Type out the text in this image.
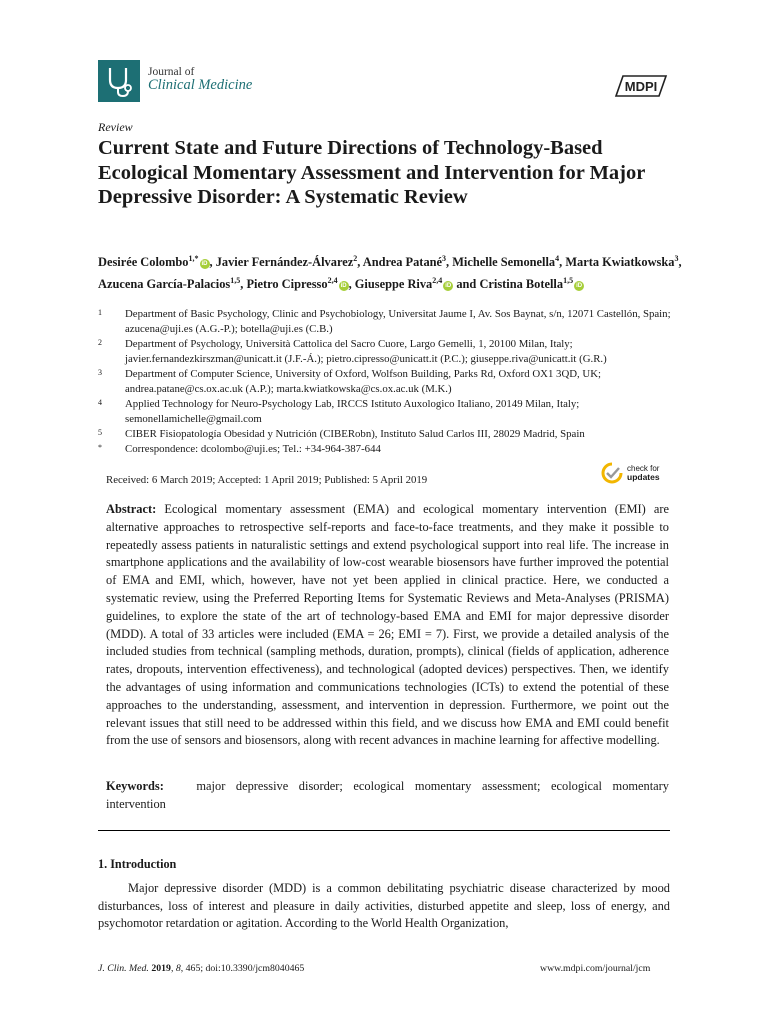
Journal of
Clinical Medicine	MDPI
Review
Current State and Future Directions of Technology-Based Ecological Momentary Assessment and Intervention for Major Depressive Disorder: A Systematic Review
Desirée Colombo$^{1,*}$iD , Javier Fernández-Álvarez$^2$, Andrea Patané$^3$, Michelle Semonella$^4$, Marta Kwiatkowska$^3$, Azucena García-Palacios$^{1,5}$, Pietro Cipresso$^{2,4}$iD , Giuseppe Riva$^{2,4}$iD and Cristina Botella$^{1,5}$iD
1	Department of Basic Psychology, Clinic and Psychobiology, Universitat Jaume I, Av. Sos Baynat, s/n, 12071 Castellón, Spain; azucena@uji.es (A.G.-P.); botella@uji.es (C.B.)
2	Department of Psychology, Università Cattolica del Sacro Cuore, Largo Gemelli, 1, 20100 Milan, Italy; javier.fernandezkirszman@unicatt.it (J.F.-Á.); pietro.cipresso@unicatt.it (P.C.); giuseppe.riva@unicatt.it (G.R.)
3	Department of Computer Science, University of Oxford, Wolfson Building, Parks Rd, Oxford OX1 3QD, UK; andrea.patane@cs.ox.ac.uk (A.P.); marta.kwiatkowska@cs.ox.ac.uk (M.K.)
4	Applied Technology for Neuro-Psychology Lab, IRCCS Istituto Auxologico Italiano, 20149 Milan, Italy; semonellamichelle@gmail.com
5	CIBER Fisiopatología Obesidad y Nutrición (CIBERobn), Instituto Salud Carlos III, 28029 Madrid, Spain
*	Correspondence: dcolombo@uji.es; Tel.: +34-964-387-644
Received: 6 March 2019; Accepted: 1 April 2019; Published: 5 April 2019
check for
updates
Abstract: Ecological momentary assessment (EMA) and ecological momentary intervention (EMI) are alternative approaches to retrospective self-reports and face-to-face treatments, and they make it possible to repeatedly assess patients in naturalistic settings and extend psychological support into real life. The increase in smartphone applications and the availability of low-cost wearable biosensors have further improved the potential of EMA and EMI, which, however, have not yet been applied in clinical practice. Here, we conducted a systematic review, using the Preferred Reporting Items for Systematic Reviews and Meta-Analyses (PRISMA) guidelines, to explore the state of the art of technology-based EMA and EMI for major depressive disorder (MDD). A total of 33 articles were included (EMA = 26; EMI = 7). First, we provide a detailed analysis of the included studies from technical (sampling methods, duration, prompts), clinical (fields of application, adherence rates, dropouts, intervention effectiveness), and technological (adopted devices) perspectives. Then, we identify the advantages of using information and communications technologies (ICTs) to extend the potential of these approaches to the understanding, assessment, and intervention in depression. Furthermore, we point out the relevant issues that still need to be addressed within this field, and we discuss how EMA and EMI could benefit from the use of sensors and biosensors, along with recent advances in machine learning for affective modelling.
Keywords:	major depressive disorder; ecological momentary assessment; ecological momentary intervention
1. Introduction
Major depressive disorder (MDD) is a common debilitating psychiatric disease characterized by mood disturbances, loss of interest and pleasure in daily activities, disturbed appetite and sleep, loss of energy, and psychomotor retardation or agitation. According to the World Health Organization,
J. Clin. Med. 2019, 8, 465; doi:10.3390/jcm8040465	www.mdpi.com/journal/jcm
